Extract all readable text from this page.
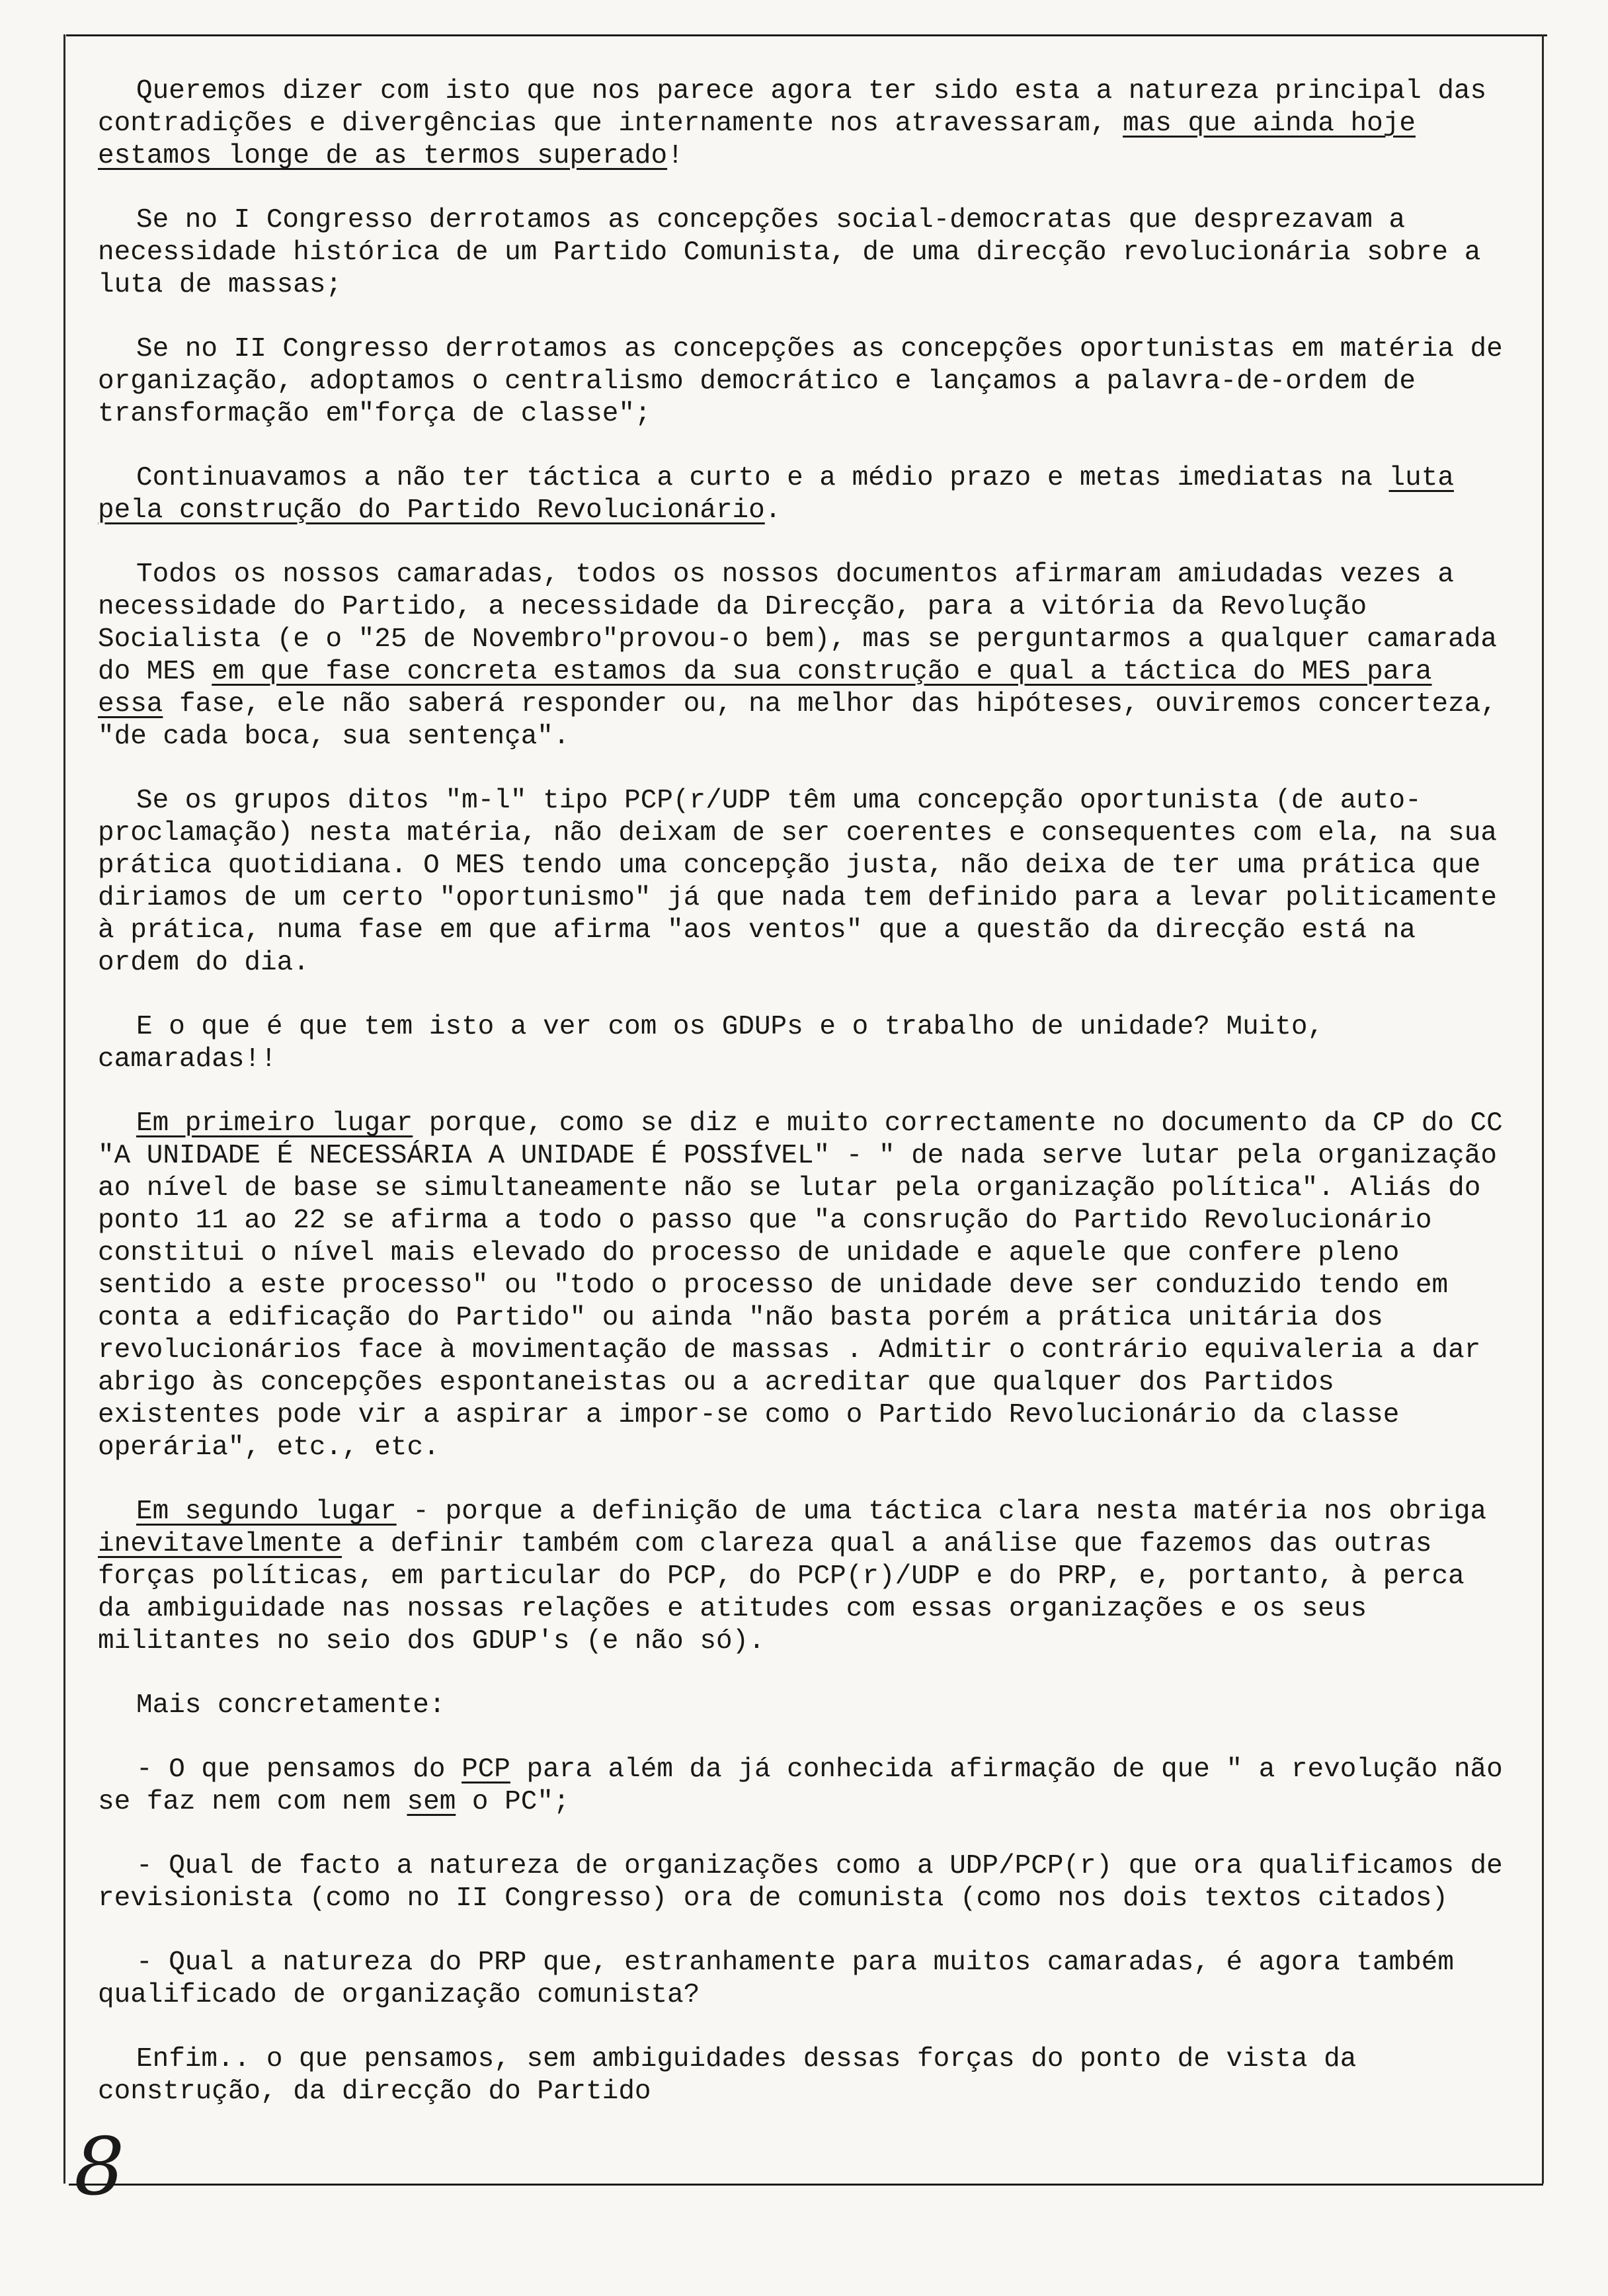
Queremos dizer com isto que nos parece agora ter sido esta a natureza principal das contradições e divergências que internamente nos atravessaram, mas que ainda hoje estamos longe de as termos superado!

Se no I Congresso derrotamos as concepções social-democratas que desprezavam a necessidade histórica de um Partido Comunista, de uma direcção revolucionária sobre a luta de massas;

Se no II Congresso derrotamos as concepções as concepções oportunistas em matéria de organização, adoptamos o centralismo democrático e lançamos a palavra-de-ordem de transformação em"força de classe";

Continuavamos a não ter táctica a curto e a médio prazo e metas imediatas na luta pela construção do Partido Revolucionário.

Todos os nossos camaradas, todos os nossos documentos afirmaram amiudadas vezes a necessidade do Partido, a necessidade da Direcção, para a vitória da Revolução Socialista (e o "25 de Novembro"provou-o bem), mas se perguntarmos a qualquer camarada do MES em que fase concreta estamos da sua construção e qual a táctica do MES para essa fase, ele não saberá responder ou, na melhor das hipóteses, ouviremos concerteza, "de cada boca, sua sentença".

Se os grupos ditos "m-l" tipo PCP(r/UDP têm uma concepção oportunista (de auto-proclamação) nesta matéria, não deixam de ser coerentes e consequentes com ela, na sua prática quotidiana. O MES tendo uma concepção justa, não deixa de ter uma prática que diriamos de um certo "oportunismo" já que nada tem definido para a levar politicamente à prática, numa fase em que afirma "aos ventos" que a questão da direcção está na ordem do dia.

E o que é que tem isto a ver com os GDUPs e o trabalho de unidade? Muito, camaradas!!

Em primeiro lugar porque, como se diz e muito correctamente no documento da CP do CC "A UNIDADE É NECESSÁRIA A UNIDADE É POSSÍVEL" - " de nada serve lutar pela organização ao nível de base se simultaneamente não se lutar pela organização política". Aliás do ponto 11 ao 22 se afirma a todo o passo que "a consrução do Partido Revolucionário constitui o nível mais elevado do processo de unidade e aquele que confere pleno sentido a este processo" ou "todo o processo de unidade deve ser conduzido tendo em conta a edificação do Partido" ou ainda "não basta porém a prática unitária dos revolucionários face à movimentação de massas . Admitir o contrário equivaleria a dar abrigo às concepções espontaneistas ou a acreditar que qualquer dos Partidos existentes pode vir a aspirar a impor-se como o Partido Revolucionário da classe operária", etc., etc.

Em segundo lugar - porque a definição de uma táctica clara nesta matéria nos obriga inevitavelmente a definir também com clareza qual a análise que fazemos das outras forças políticas, em particular do PCP, do PCP(r)/UDP e do PRP, e, portanto, à perca da ambiguidade nas nossas relações e atitudes com essas organizações e os seus militantes no seio dos GDUP's (e não só).

Mais concretamente:

- O que pensamos do PCP para além da já conhecida afirmação de que " a revolução não se faz nem com nem sem o PC";

- Qual de facto a natureza de organizações como a UDP/PCP(r) que ora qualificamos de revisionista (como no II Congresso) ora de comunista (como nos dois textos citados)

- Qual a natureza do PRP que, estranhamente para muitos camaradas, é agora também qualificado de organização comunista?

Enfim.. o que pensamos, sem ambiguidades dessas forças do ponto de vista da construção, da direcção do Partido

8
